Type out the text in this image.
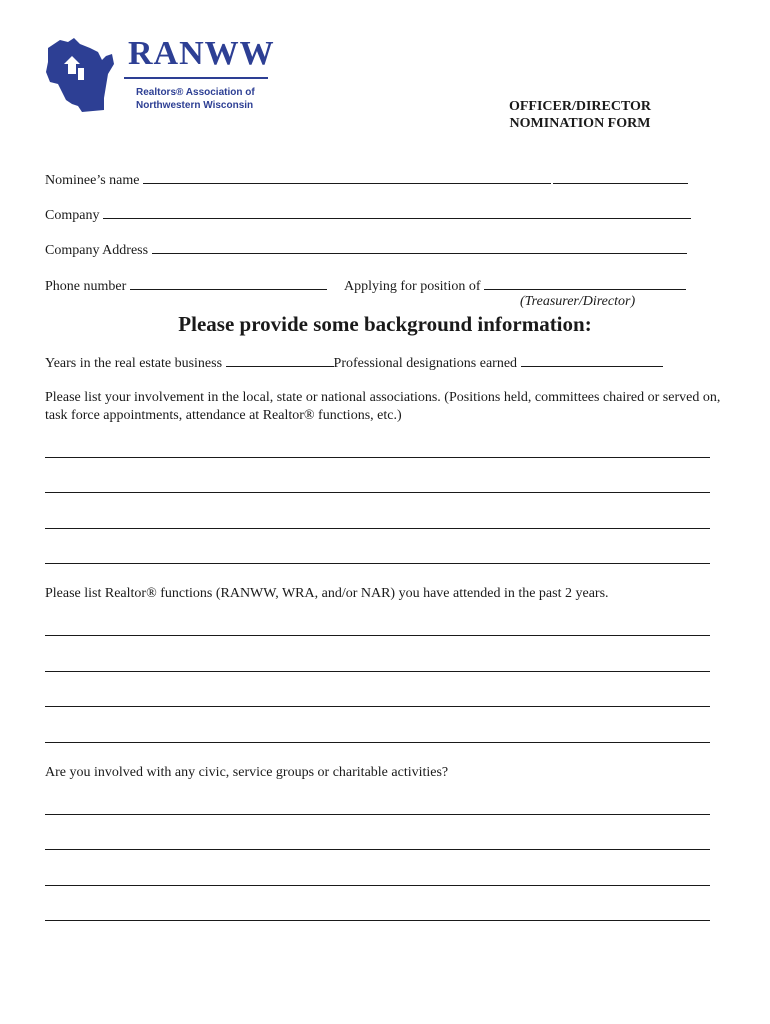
RANWW
Realtors® Association of
Northwestern Wisconsin	OFFICER/DIRECTOR
NOMINATION FORM
Nominee’s name
Company
Company Address
Phone number	Applying for position of
(Treasurer/Director)
Please provide some background information:
Years in the real estate business	Professional designations earned
Please list your involvement in the local, state or national associations. (Positions held, committees chaired or served on, task force appointments, attendance at Realtor® functions, etc.)
Please list Realtor® functions (RANWW, WRA, and/or NAR) you have attended in the past 2 years.
Are you involved with any civic, service groups or charitable activities?
